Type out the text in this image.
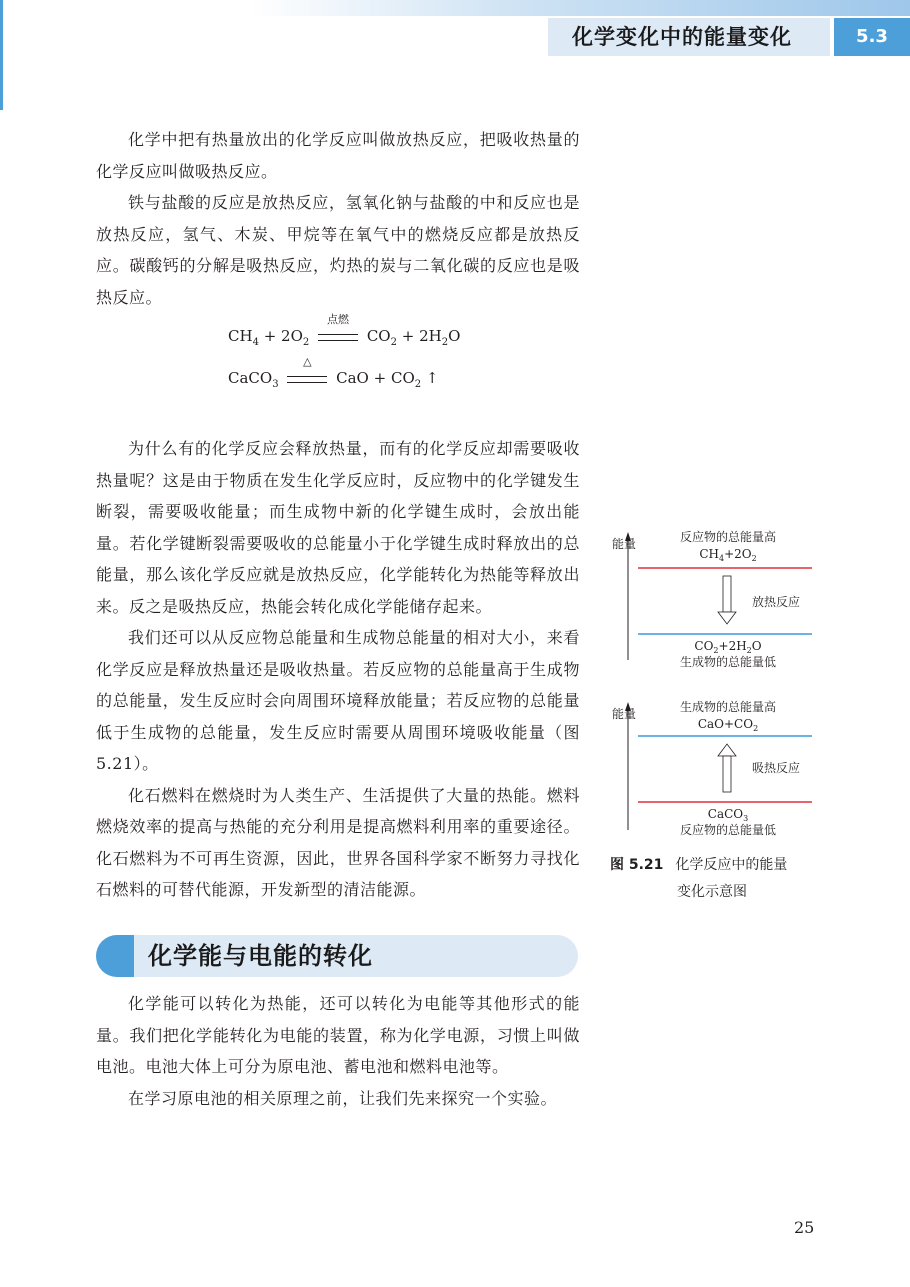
化学变化中的能量变化	5.3

化学中把有热量放出的化学反应叫做放热反应，把吸收热量的化学反应叫做吸热反应。

铁与盐酸的反应是放热反应，氢氧化钠与盐酸的中和反应也是放热反应，氢气、木炭、甲烷等在氧气中的燃烧反应都是放热反应。碳酸钙的分解是吸热反应，灼热的炭与二氧化碳的反应也是吸热反应。

$CH_4 + 2O_2$
点燃
$CO_2 + 2H_2O$
CaCO$_3$
△
CaO + $CO_2$ ↑

为什么有的化学反应会释放热量，而有的化学反应却需要吸收热量呢？这是由于物质在发生化学反应时，反应物中的化学键发生断裂，需要吸收能量；而生成物中新的化学键生成时，会放出能量。若化学键断裂需要吸收的总能量小于化学键生成时释放出的总能量，那么该化学反应就是放热反应，化学能转化为热能等释放出来。反之是吸热反应，热能会转化成化学能储存起来。

我们还可以从反应物总能量和生成物总能量的相对大小，来看化学反应是释放热量还是吸收热量。若反应物的总能量高于生成物的总能量，发生反应时会向周围环境释放能量；若反应物的总能量低于生成物的总能量，发生反应时需要从周围环境吸收能量（图 5.21）。

化石燃料在燃烧时为人类生产、生活提供了大量的热能。燃料燃烧效率的提高与热能的充分利用是提高燃料利用率的重要途径。化石燃料为不可再生资源，因此，世界各国科学家不断努力寻找化石燃料的可替代能源，开发新型的清洁能源。

能量	反应物的总能量高
$CH_4+2O_2$
放热反应
$CO_2+2H_2O$
生成物的总能量低
能量	生成物的总能量高
$CaO+CO_2$
吸热反应
CaCO$_3$
反应物的总能量低
图 5.21 化学反应中的能量
变化示意图
化学能与电能的转化

化学能可以转化为热能，还可以转化为电能等其他形式的能量。我们把化学能转化为电能的装置，称为化学电源，习惯上叫做电池。电池大体上可分为原电池、蓄电池和燃料电池等。

在学习原电池的相关原理之前，让我们先来探究一个实验。

25
